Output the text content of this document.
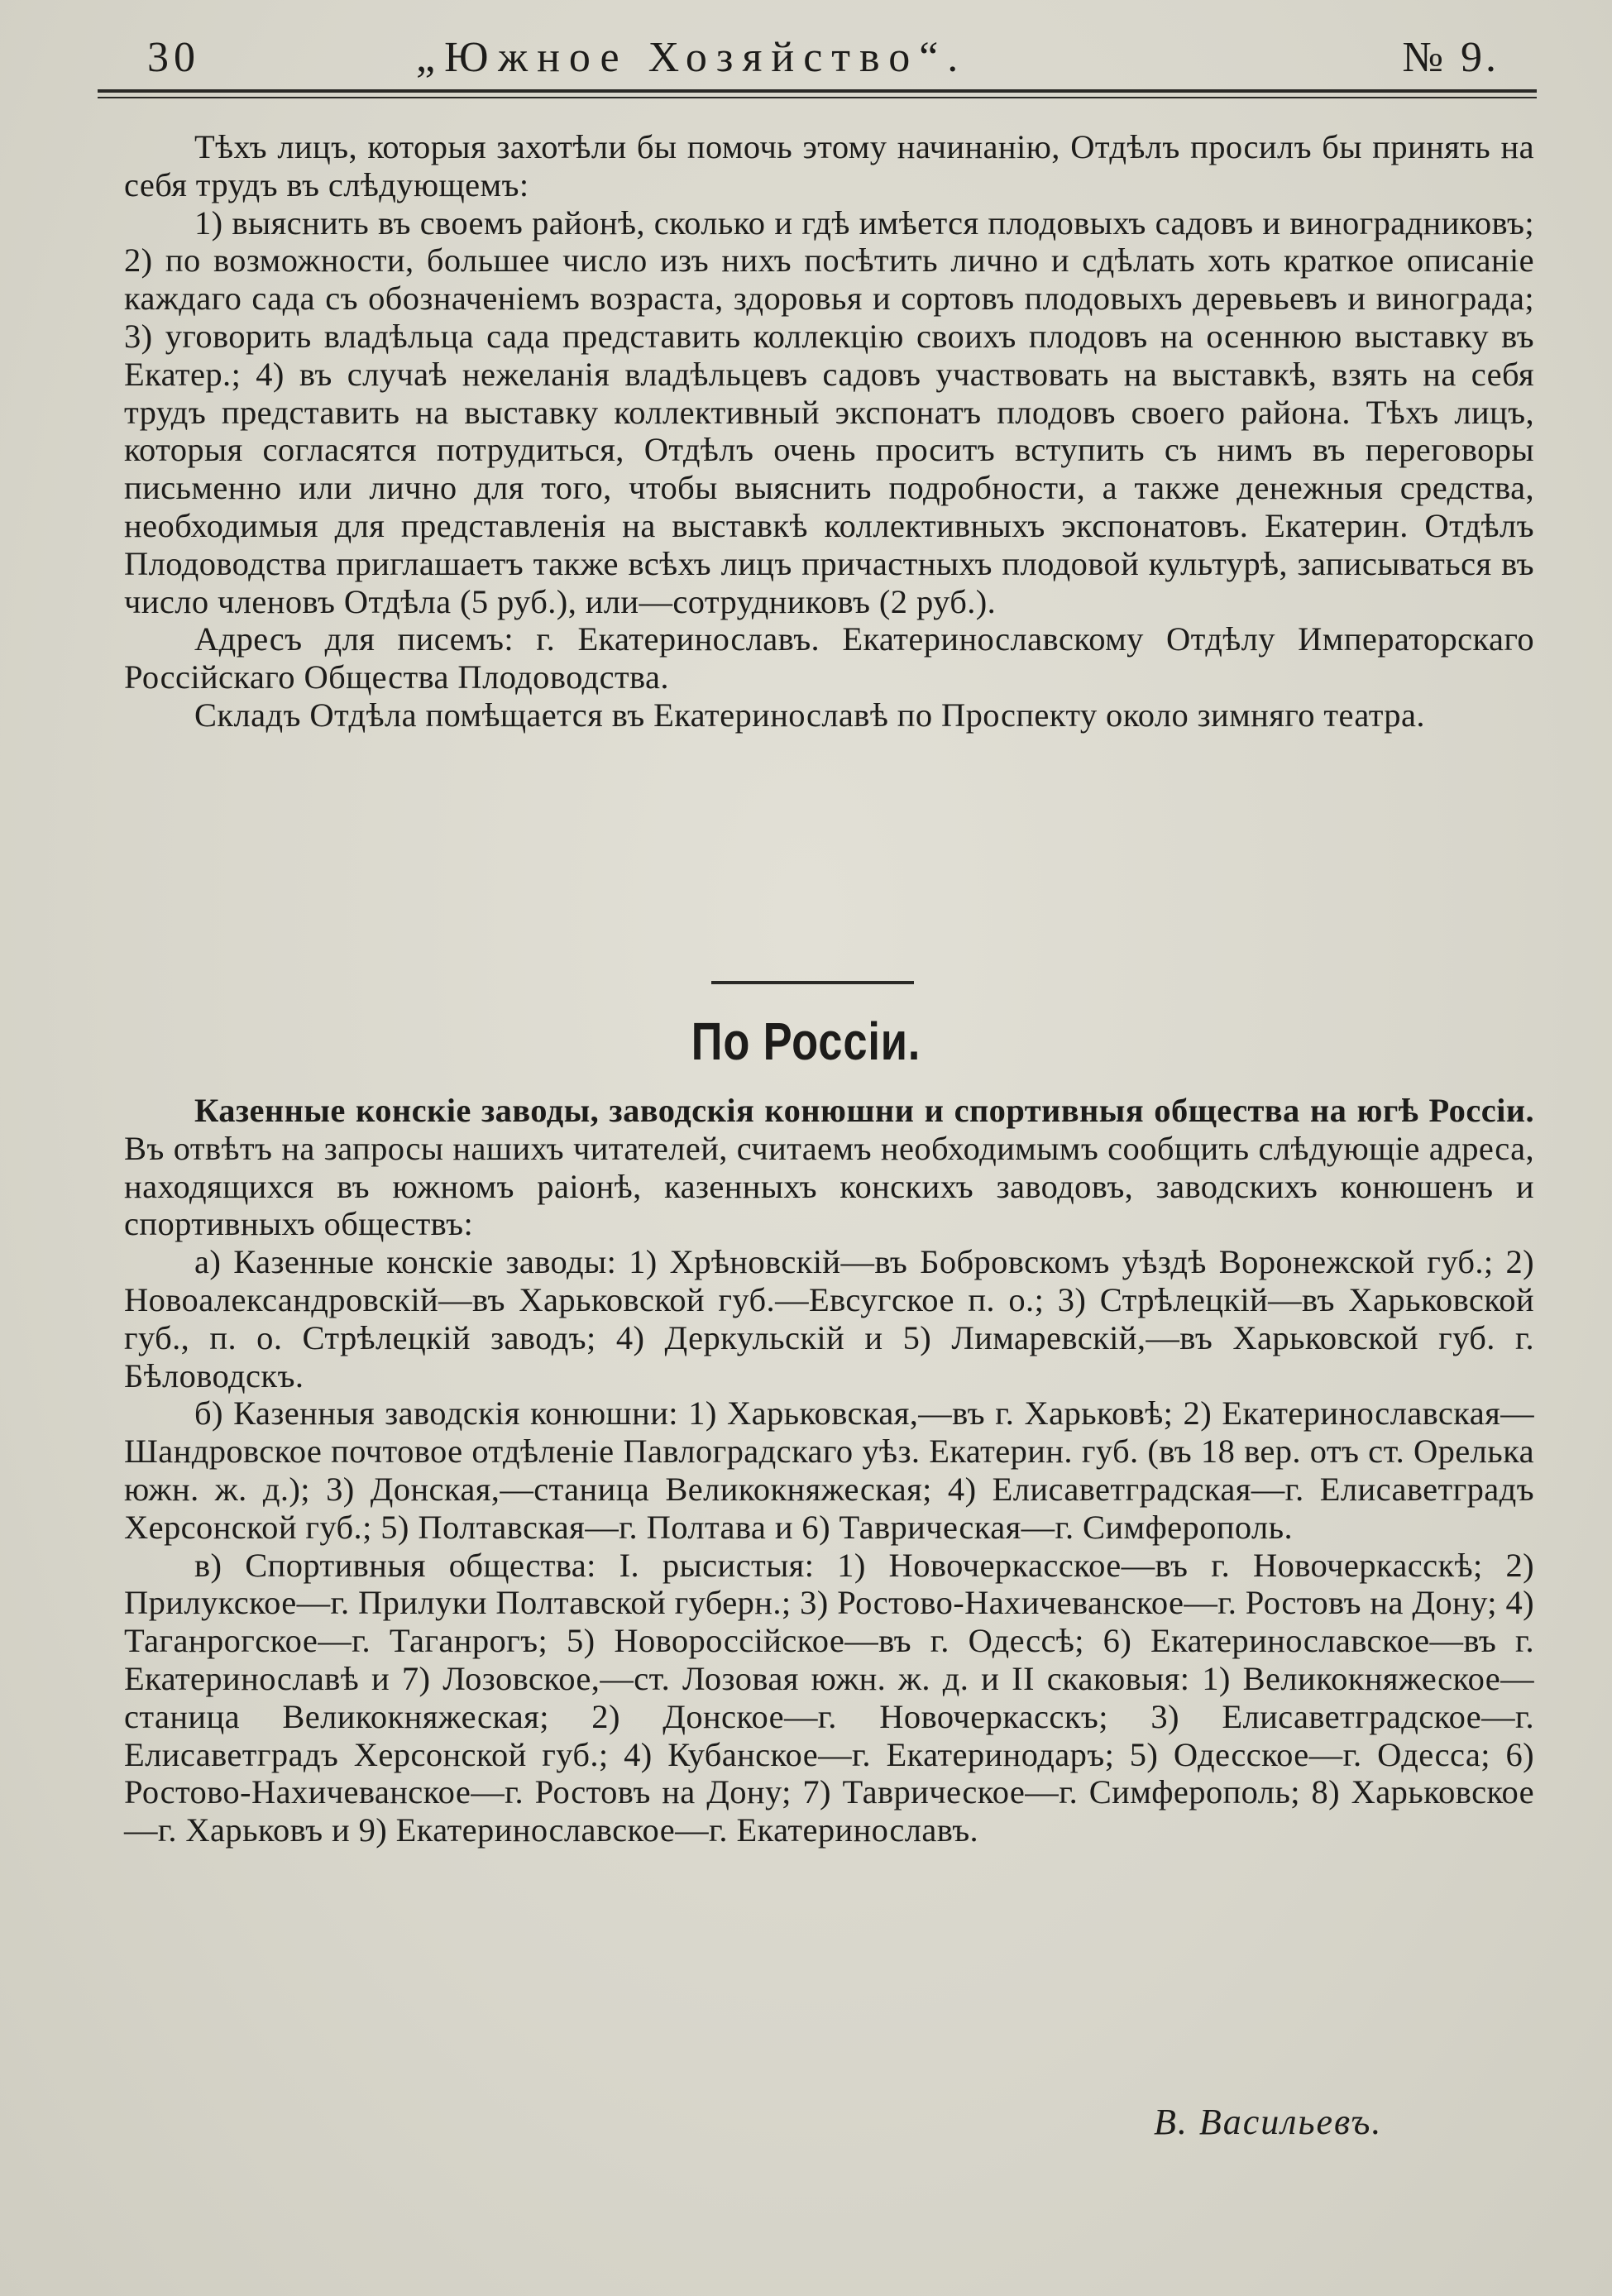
30	„Южное Хозяйство“.	№ 9.

Тѣхъ лицъ, которыя захотѣли бы помочь этому начинанiю, Отдѣлъ просилъ бы принять на себя трудъ въ слѣдующемъ:

1) выяснить въ своемъ районѣ, сколько и гдѣ имѣется плодовыхъ садовъ и виноградниковъ; 2) по возможности, большее число изъ нихъ посѣтить лично и сдѣлать хоть краткое описанiе каждаго сада съ обозначенiемъ возраста, здоровья и сортовъ плодовыхъ деревьевъ и винограда; 3) уговорить владѣльца сада представить коллекцiю своихъ плодовъ на осеннюю выставку въ Екатер.; 4) въ случаѣ нежеланiя владѣльцевъ садовъ участвовать на выставкѣ, взять на себя трудъ представить на выставку коллективный экспонатъ плодовъ своего района. Тѣхъ лицъ, которыя согласятся потрудиться, Отдѣлъ очень проситъ вступить съ нимъ въ переговоры письменно или лично для того, чтобы выяснить подробности, а также денежныя средства, необходимыя для представленiя на выставкѣ коллективныхъ экспонатовъ. Екатерин. Отдѣлъ Плодоводства приглашаетъ также всѣхъ лицъ причастныхъ плодовой культурѣ, записываться въ число членовъ Отдѣла (5 руб.), или—сотрудниковъ (2 руб.).

Адресъ для писемъ: г. Екатеринославъ. Екатеринославскому Отдѣлу Императорскаго Россiйскаго Общества Плодоводства.

Складъ Отдѣла помѣщается въ Екатеринославѣ по Проспекту около зимняго театра.

По Россiи.

Казенные конскiе заводы, заводскiя конюшни и спортивныя общества на югѣ Россiи. Въ отвѣтъ на запросы нашихъ читателей, считаемъ необходимымъ сообщить слѣдующiе адреса, находящихся въ южномъ раiонѣ, казенныхъ конскихъ заводовъ, заводскихъ конюшенъ и спортивныхъ обществъ:

а) Казенные конскiе заводы: 1) Хрѣновскiй—въ Бобровскомъ уѣздѣ Воронежской губ.; 2) Новоалександровскiй—въ Харьковской губ.—Евсугское п. о.; 3) Стрѣлецкiй—въ Харьковской губ., п. о. Стрѣлецкiй заводъ; 4) Деркульскiй и 5) Лимаревскiй,—въ Харьковской губ. г. Бѣловодскъ.

б) Казенныя заводскiя конюшни: 1) Харьковская,—въ г. Харьковѣ; 2) Екатеринославская—Шандровское почтовое отдѣленiе Павлоградскаго уѣз. Екатерин. губ. (въ 18 вер. отъ ст. Орелька южн. ж. д.); 3) Донская,—станица Великокняжеская; 4) Елисаветградская—г. Елисаветградъ Херсонской губ.; 5) Полтавская—г. Полтава и 6) Таврическая—г. Симферополь.

в) Спортивныя общества: I. рысистыя: 1) Новочеркасское—въ г. Новочеркасскѣ; 2) Прилукское—г. Прилуки Полтавской губерн.; 3) Ростово-Нахичеванское—г. Ростовъ на Дону; 4) Таганрогское—г. Таганрогъ; 5) Новороссiйское—въ г. Одессѣ; 6) Екатеринославское—въ г. Екатеринославѣ и 7) Лозовское,—ст. Лозовая южн. ж. д. и II скаковыя: 1) Великокняжеское—станица Великокняжеская; 2) Донское—г. Новочеркасскъ; 3) Елисаветградское—г. Елисаветградъ Херсонской губ.; 4) Кубанское—г. Екатеринодаръ; 5) Одесское—г. Одесса; 6) Ростово-Нахичеванское—г. Ростовъ на Дону; 7) Таврическое—г. Симферополь; 8) Харьковское—г. Харьковъ и 9) Екатеринославское—г. Екатеринославъ.

В. Васильевъ.
